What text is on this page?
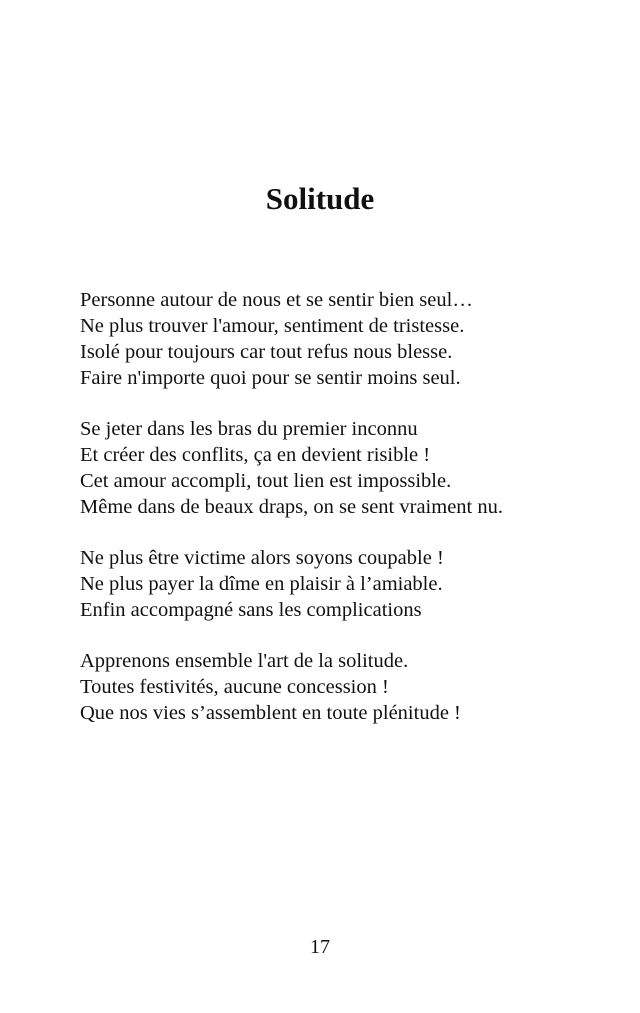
Solitude
Personne autour de nous et se sentir bien seul…
Ne plus trouver l'amour, sentiment de tristesse.
Isolé pour toujours car tout refus nous blesse.
Faire n'importe quoi pour se sentir moins seul.
Se jeter dans les bras du premier inconnu
Et créer des conflits, ça en devient risible !
Cet amour accompli, tout lien est impossible.
Même dans de beaux draps, on se sent vraiment nu.
Ne plus être victime alors soyons coupable !
Ne plus payer la dîme en plaisir à l’amiable.
Enfin accompagné sans les complications
Apprenons ensemble l'art de la solitude.
Toutes festivités, aucune concession !
Que nos vies s’assemblent en toute plénitude !
17
